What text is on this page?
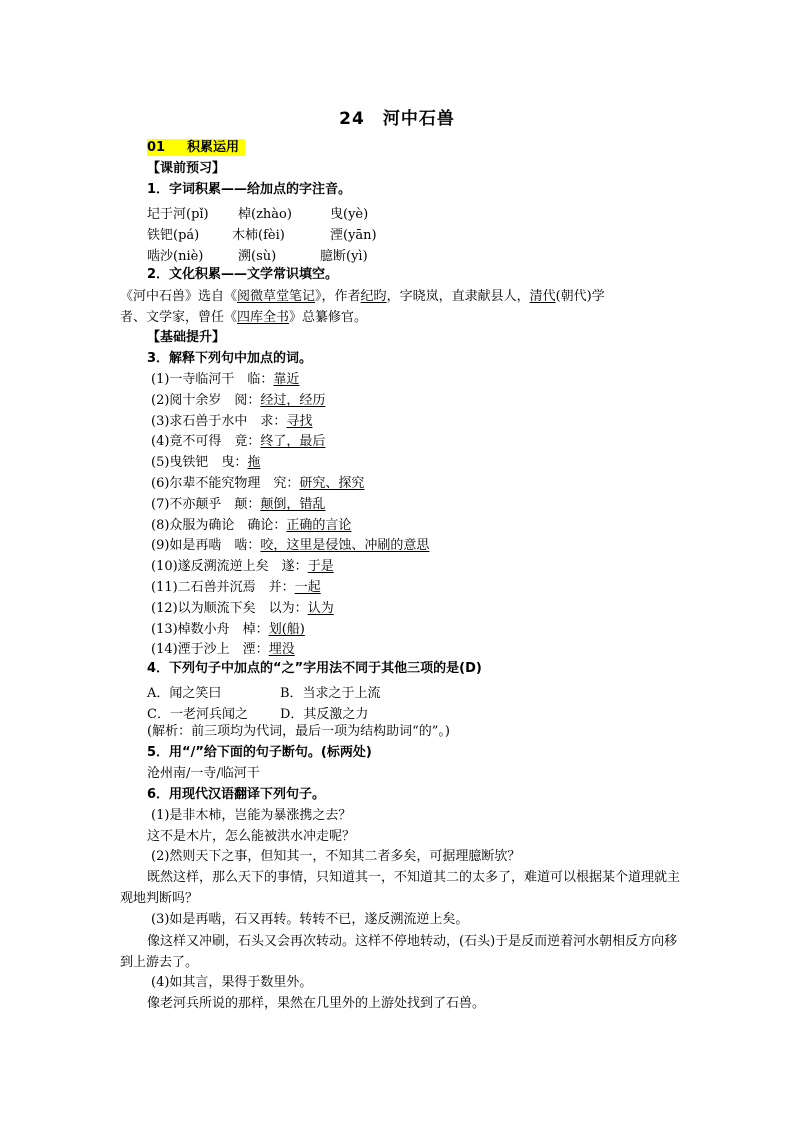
24　河中石兽
01 积累运用
【课前预习】
1．字词积累——给加点的字注音。
圮于河(pǐ) 棹(zhào)	曳(yè)
铁钯(pá)	木柿(fèi)	湮(yān)
啮沙(niè)	溯(sù)	臆断(yì)
2．文化积累——文学常识填空。
《河中石兽》选自《阅微草堂笔记》，作者纪昀，字晓岚，直隶献县人，清代(朝代)学
者、文学家，曾任《四库全书》总纂修官。
【基础提升】
3．解释下列句中加点的词。
(1)一寺临河干　临：靠近
(2)阅十余岁　阅：经过，经历
(3)求石兽于水中　求：寻找
(4)竟不可得　竟：终了，最后
(5)曳铁钯　曳：拖
(6)尔辈不能究物理　究：研究、探究
(7)不亦颠乎　颠：颠倒，错乱
(8)众服为确论　确论：正确的言论
(9)如是再啮　啮：咬，这里是侵蚀、冲刷的意思
(10)遂反溯流逆上矣　遂：于是
(11)二石兽并沉焉　并：一起
(12)以为顺流下矣　以为：认为
(13)棹数小舟　棹：划(船)
(14)湮于沙上　湮：埋没
4．下列句子中加点的“之”字用法不同于其他三项的是(D)
A．闻之笑曰	B．当求之于上流
C．一老河兵闻之 D．其反激之力
(解析：前三项均为代词，最后一项为结构助词“的”。)
5．用“/”给下面的句子断句。(标两处)
沧州南/一寺/临河干
6．用现代汉语翻译下列句子。
(1)是非木柿，岂能为暴涨携之去？
这不是木片，怎么能被洪水冲走呢？
(2)然则天下之事，但知其一，不知其二者多矣，可据理臆断欤？
既然这样，那么天下的事情，只知道其一，不知道其二的太多了，难道可以根据某个道理就主观地判断吗？
(3)如是再啮，石又再转。转转不已，遂反溯流逆上矣。
像这样又冲刷，石头又会再次转动。这样不停地转动，(石头)于是反而逆着河水朝相反方向移到上游去了。
(4)如其言，果得于数里外。
像老河兵所说的那样，果然在几里外的上游处找到了石兽。
